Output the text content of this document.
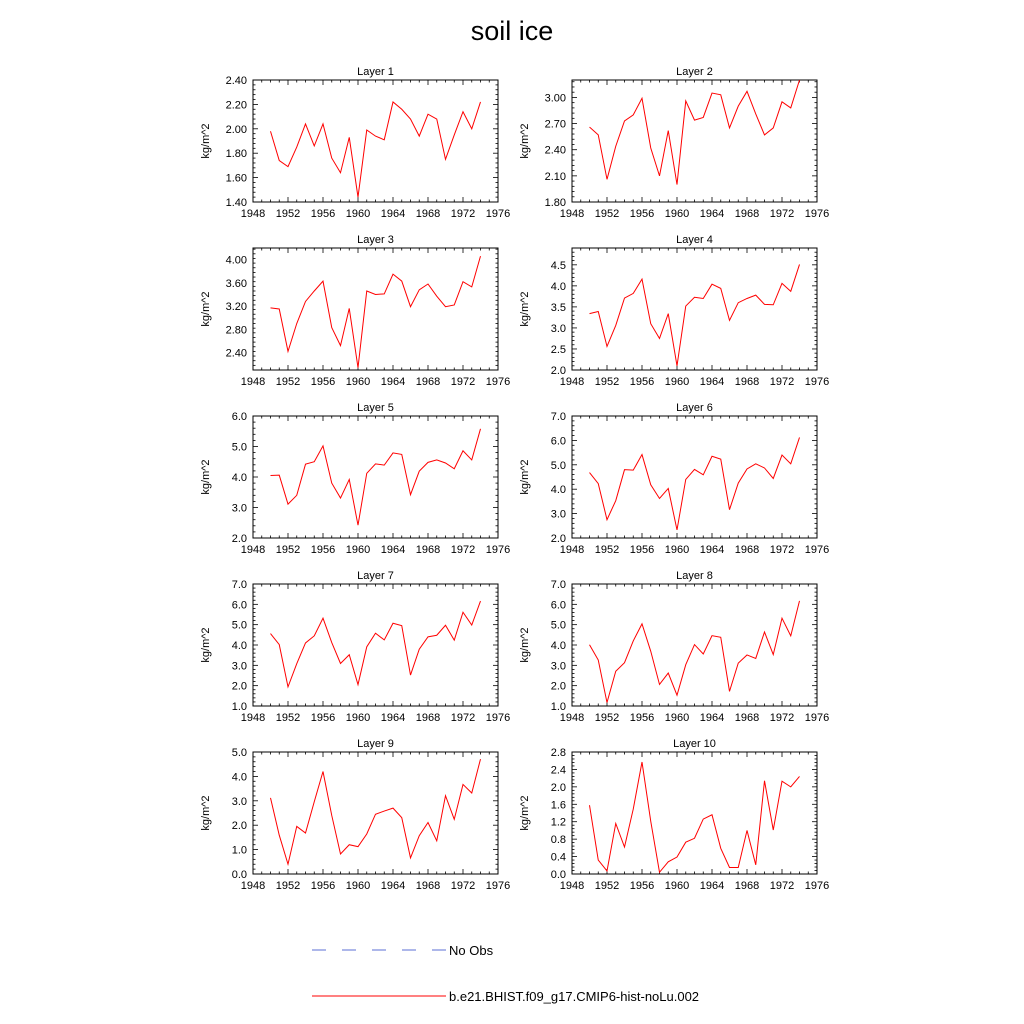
soil ice
Layer 1
1948 1952 1956 1960 1964 1968 1972 1976
1.40
1.60
1.80
2.00
2.20
2.40
kg/m^2
Layer 2
1948 1952 1956 1960 1964 1968 1972 1976
1.80
2.10
2.40
2.70
3.00
kg/m^2
Layer 3
1948 1952 1956 1960 1964 1968 1972 1976
2.40
2.80
3.20
3.60
4.00
kg/m^2
Layer 4
1948 1952 1956 1960 1964 1968 1972 1976
2.0
2.5
3.0
3.5
4.0
4.5
kg/m^2
Layer 5
1948 1952 1956 1960 1964 1968 1972 1976
2.0
3.0
4.0
5.0
6.0
kg/m^2
Layer 6
1948 1952 1956 1960 1964 1968 1972 1976
2.0
3.0
4.0
5.0
6.0
7.0
kg/m^2
Layer 7
1948 1952 1956 1960 1964 1968 1972 1976
1.0
2.0
3.0
4.0
5.0
6.0
7.0
kg/m^2
Layer 8
1948 1952 1956 1960 1964 1968 1972 1976
1.0
2.0
3.0
4.0
5.0
6.0
7.0
kg/m^2
Layer 9
1948 1952 1956 1960 1964 1968 1972 1976
0.0
1.0
2.0
3.0
4.0
5.0
kg/m^2
Layer 10
1948 1952 1956 1960 1964 1968 1972 1976
0.0
0.4
0.8
1.2
1.6
2.0
2.4
2.8
kg/m^2
No Obs
b.e21.BHIST.f09_g17.CMIP6-hist-noLu.002
